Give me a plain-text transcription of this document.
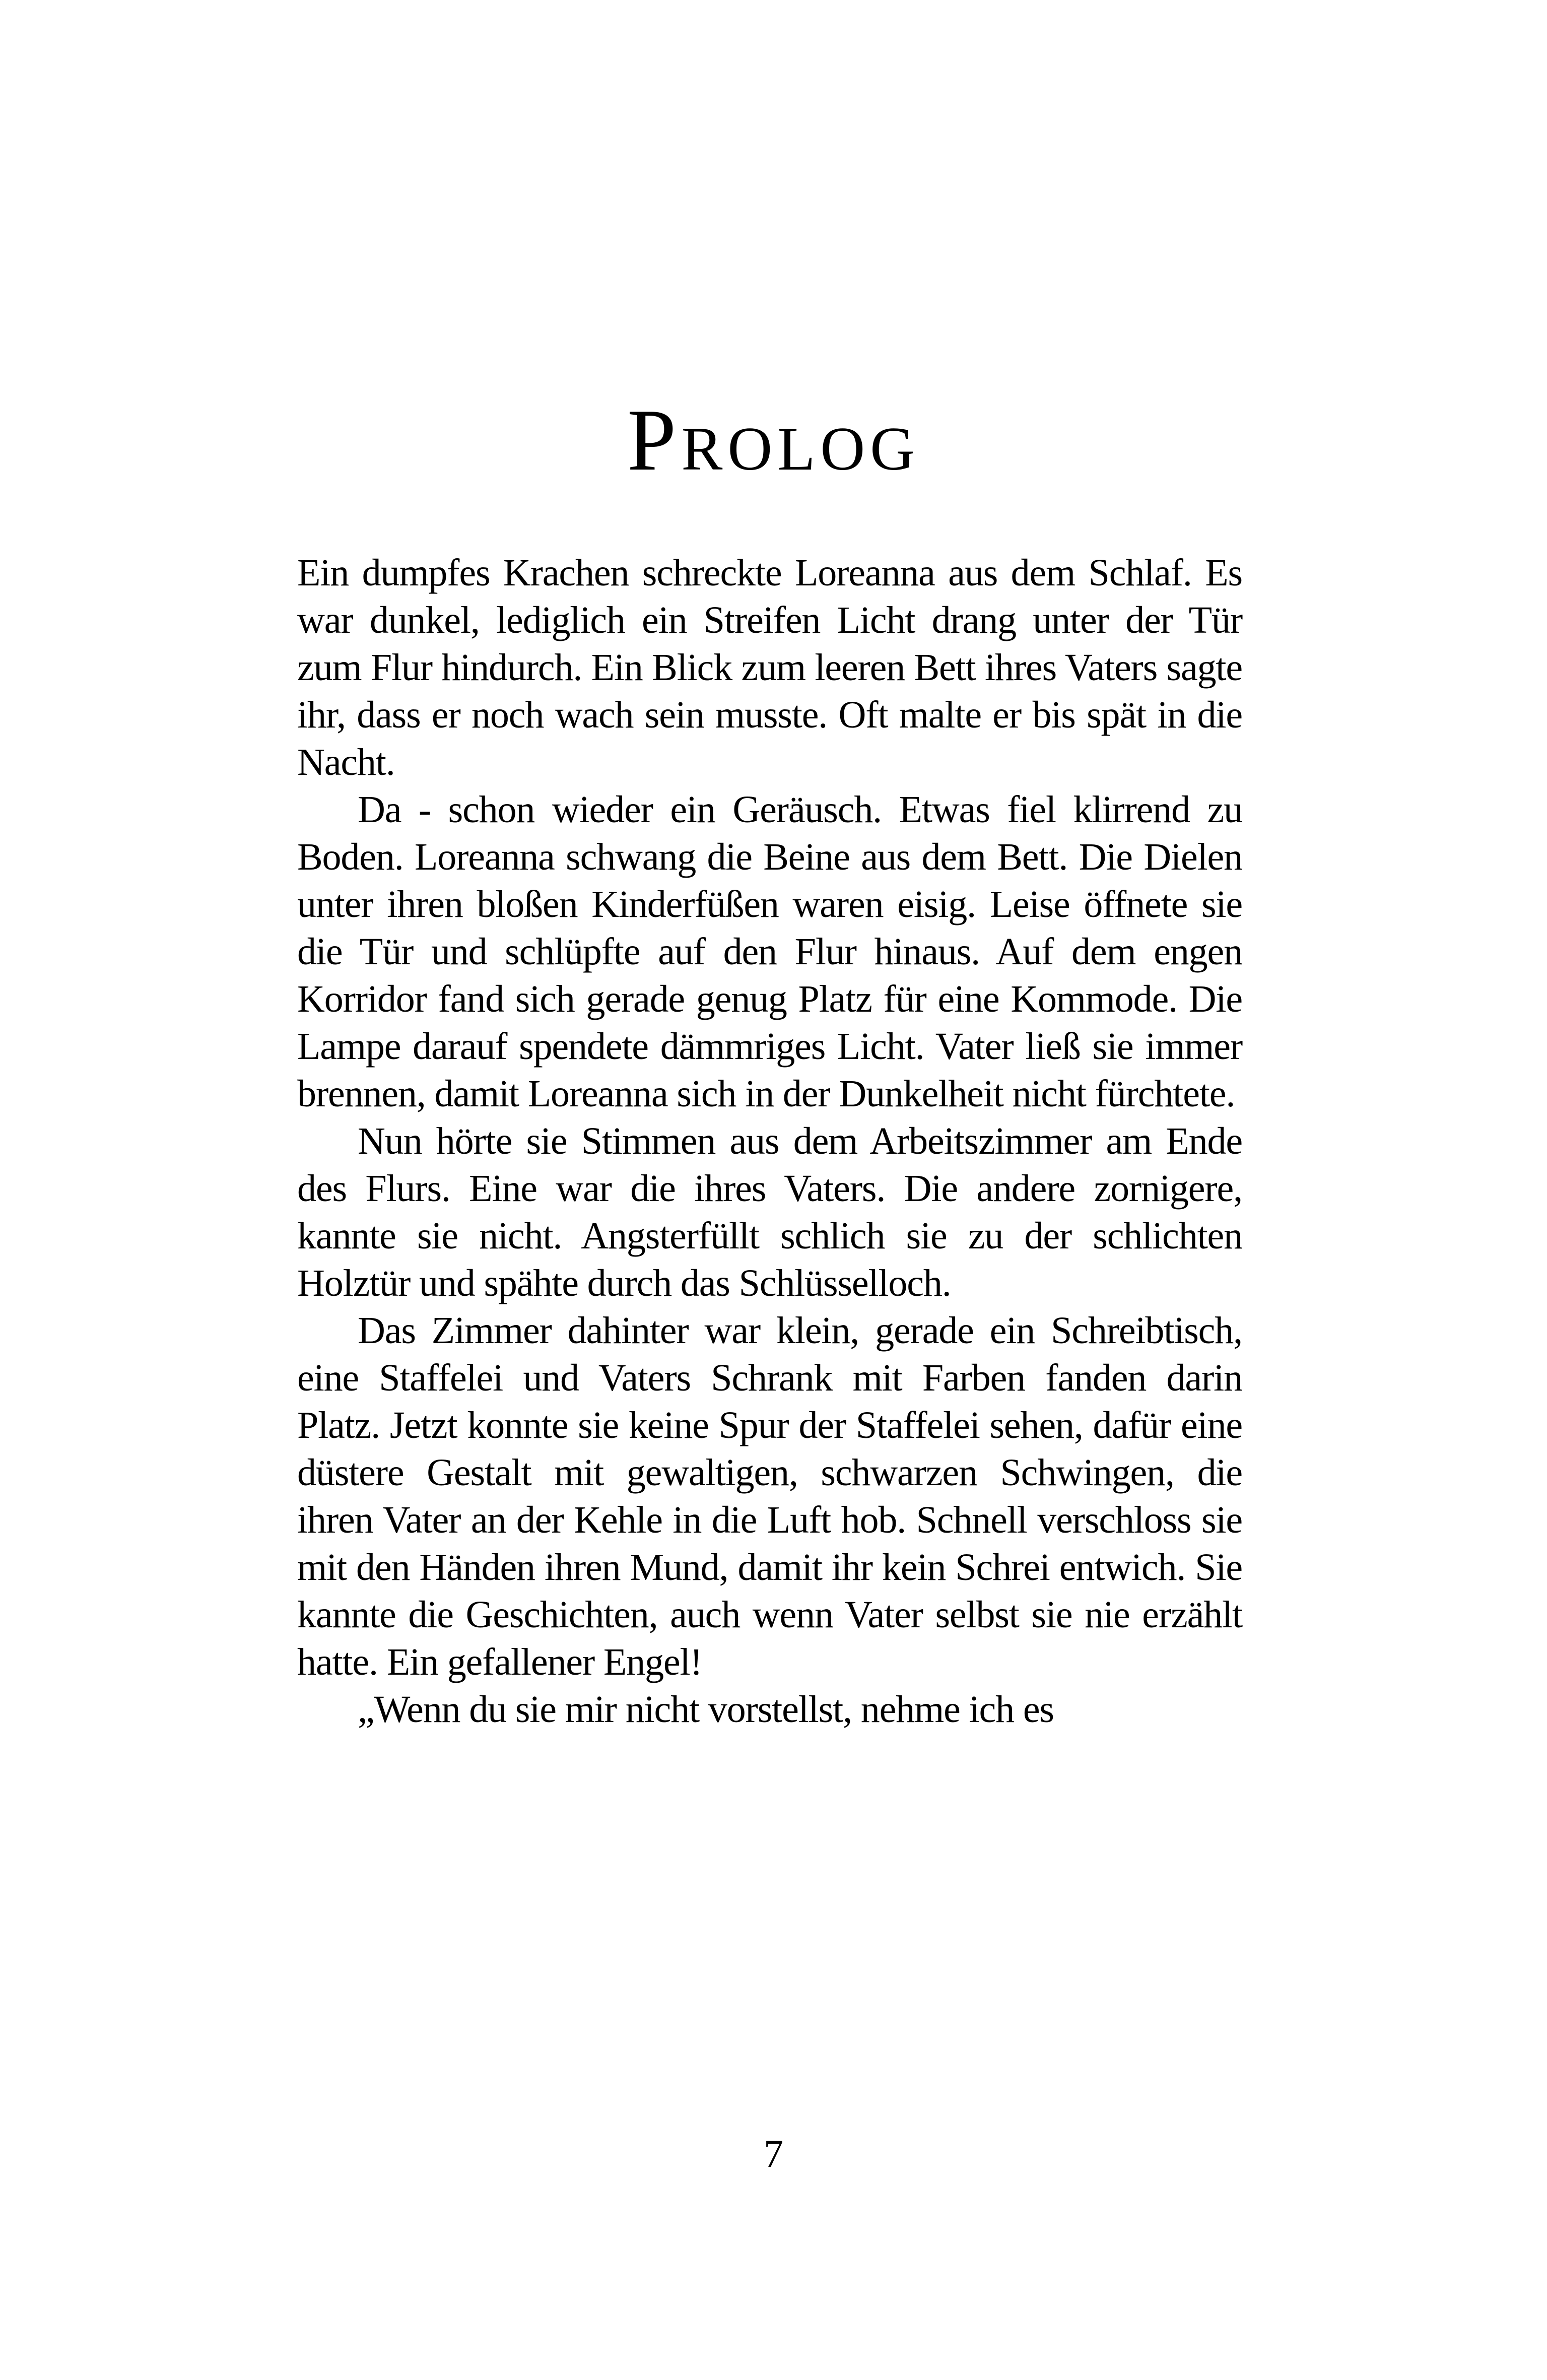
Prolog

Ein dumpfes Krachen schreckte Loreanna aus dem Schlaf. Es war dunkel, lediglich ein Streifen Licht drang unter der Tür zum Flur hindurch. Ein Blick zum leeren Bett ihres Vaters sagte ihr, dass er noch wach sein musste. Oft malte er bis spät in die Nacht.

Da - schon wieder ein Geräusch. Etwas fiel klirrend zu Boden. Loreanna schwang die Beine aus dem Bett. Die Dielen unter ihren bloßen Kinderfüßen waren eisig. Leise öffnete sie die Tür und schlüpfte auf den Flur hinaus. Auf dem engen Korridor fand sich gerade genug Platz für eine Kommode. Die Lampe darauf spendete dämmriges Licht. Vater ließ sie immer brennen, damit Loreanna sich in der Dunkelheit nicht fürchtete.

Nun hörte sie Stimmen aus dem Arbeitszimmer am Ende des Flurs. Eine war die ihres Vaters. Die andere zornigere, kannte sie nicht. Angsterfüllt schlich sie zu der schlichten Holztür und spähte durch das Schlüsselloch.

Das Zimmer dahinter war klein, gerade ein Schreibtisch, eine Staffelei und Vaters Schrank mit Farben fanden darin Platz. Jetzt konnte sie keine Spur der Staffelei sehen, dafür eine düstere Gestalt mit gewaltigen, schwarzen Schwingen, die ihren Vater an der Kehle in die Luft hob. Schnell verschloss sie mit den Händen ihren Mund, damit ihr kein Schrei entwich. Sie kannte die Geschichten, auch wenn Vater selbst sie nie erzählt hatte. Ein gefallener Engel!

„Wenn du sie mir nicht vorstellst, nehme ich es

7
